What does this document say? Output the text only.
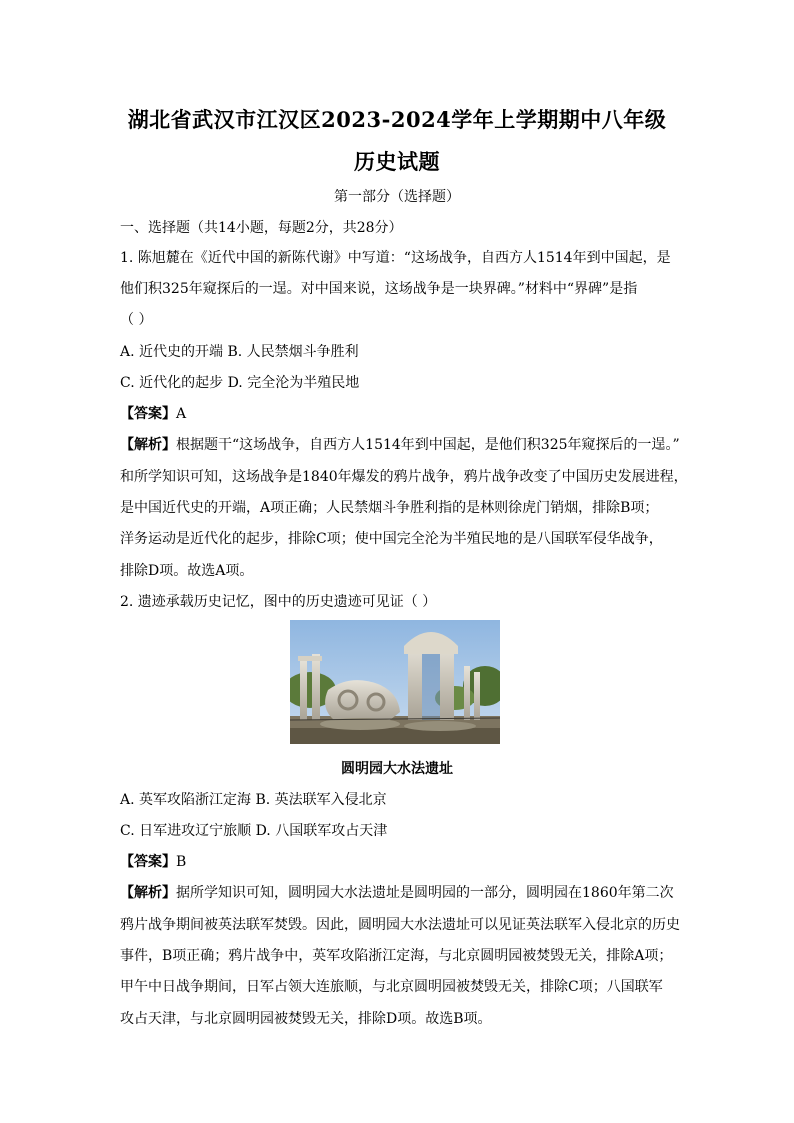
湖北省武汉市江汉区2023-2024学年上学期期中八年级
历史试题
第一部分（选择题）
一、选择题（共14小题，每题2分，共28分）
1. 陈旭麓在《近代中国的新陈代谢》中写道：“这场战争，自西方人1514年到中国起，是
他们积325年窥探后的一逞。对中国来说，这场战争是一块界碑。”材料中“界碑”是指
（ ）
A. 近代史的开端 B. 人民禁烟斗争胜利
C. 近代化的起步 D. 完全沦为半殖民地
【答案】A
【解析】根据题干“这场战争，自西方人1514年到中国起，是他们积325年窥探后的一逞。”
和所学知识可知，这场战争是1840年爆发的鸦片战争，鸦片战争改变了中国历史发展进程，
是中国近代史的开端，A项正确；人民禁烟斗争胜利指的是林则徐虎门销烟，排除B项；
洋务运动是近代化的起步，排除C项；使中国完全沦为半殖民地的是八国联军侵华战争，
排除D项。故选A项。
2. 遗迹承载历史记忆，图中的历史遗迹可见证（ ）
圆明园大水法遗址
A. 英军攻陷浙江定海 B. 英法联军入侵北京
C. 日军进攻辽宁旅顺 D. 八国联军攻占天津
【答案】B
【解析】据所学知识可知，圆明园大水法遗址是圆明园的一部分，圆明园在1860年第二次
鸦片战争期间被英法联军焚毁。因此，圆明园大水法遗址可以见证英法联军入侵北京的历史
事件，B项正确；鸦片战争中，英军攻陷浙江定海，与北京圆明园被焚毁无关，排除A项；
甲午中日战争期间，日军占领大连旅顺，与北京圆明园被焚毁无关，排除C项；八国联军
攻占天津，与北京圆明园被焚毁无关，排除D项。故选B项。
